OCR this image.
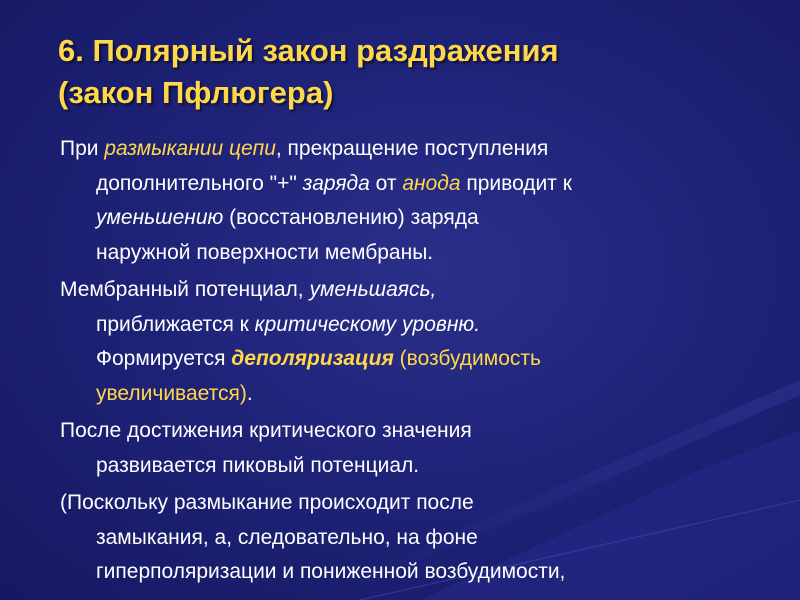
6. Полярный закон раздражения
(закон Пфлюгера)
При размыкании цепи, прекращение поступления
дополнительного "+" заряда от анода приводит к
уменьшению (восстановлению) заряда
наружной поверхности мембраны.
Мембранный потенциал, уменьшаясь,
приближается к критическому уровню.
Формируется деполяризация (возбудимость
увеличивается).
После достижения критического значения
развивается пиковый потенциал.
(Поскольку размыкание происходит после
замыкания, а, следовательно, на фоне
гиперполяризации и пониженной возбудимости,
